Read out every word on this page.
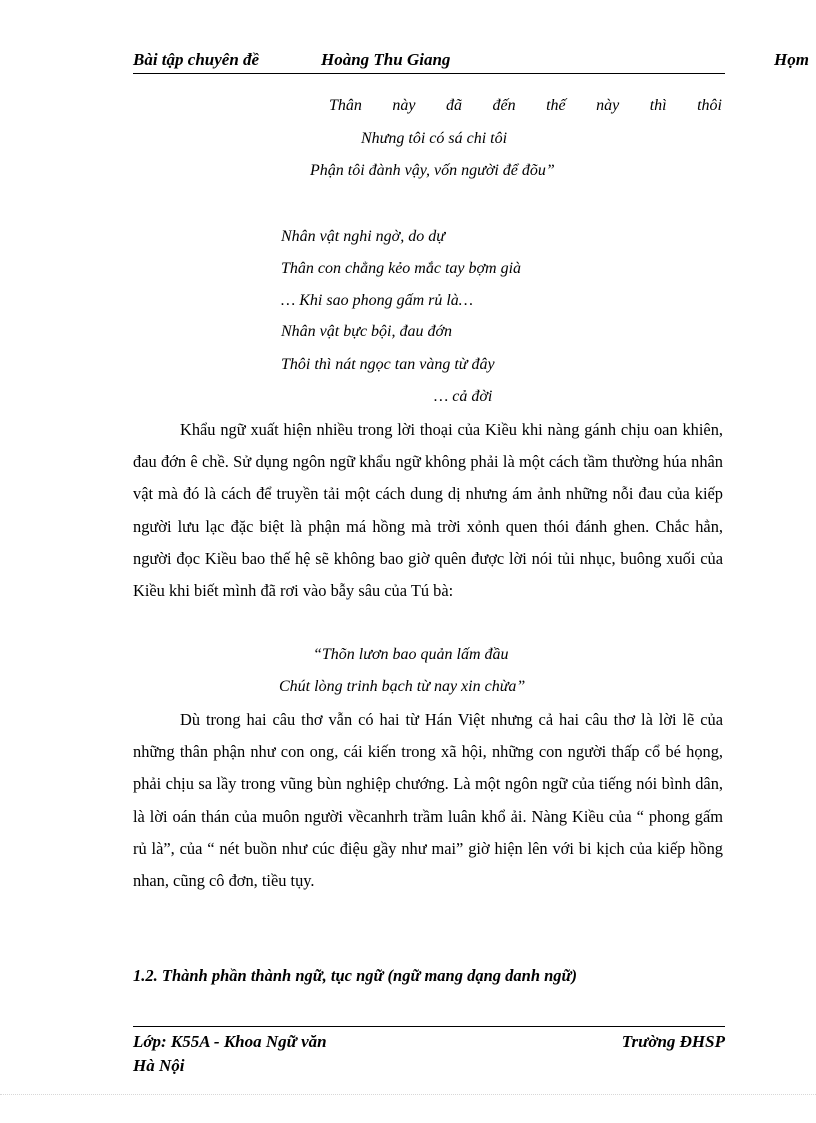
Bài tập chuyên đề	Hoàng Thu Giang	Họm
Thân này đã đến thế này thì thôi
Nhưng tôi có sá chi tôi
Phận tôi đành vậy, vốn người để đõu”
Nhân vật nghi ngờ, do dự
Thân con chẳng kẻo mắc tay bợm già
… Khi sao phong gấm rủ là…
Nhân vật bực bội, đau đớn
Thôi thì nát ngọc tan vàng từ đây
… cả đời
Khẩu ngữ xuất hiện nhiều trong lời thoại của Kiều khi nàng gánh chịu oan khiên, đau đớn ê chề. Sử dụng ngôn ngữ khẩu ngữ không phải là một cách tầm thường húa nhân vật mà đó là cách để truyền tải một cách dung dị nhưng ám ảnh những nỗi đau của kiếp người lưu lạc đặc biệt là phận má hồng mà trời xỏnh quen thói đánh ghen. Chắc hẳn, người đọc Kiều bao thế hệ sẽ không bao giờ quên được lời nói tủi nhục, buông xuối của Kiều khi biết mình đã rơi vào bẫy sâu của Tú bà:
“Thõn lươn bao quản lấm đầu
Chút lòng trinh bạch từ nay xin chừa”
Dù trong hai câu thơ vẫn có hai từ Hán Việt nhưng cả hai câu thơ là lời lẽ của những thân phận như con ong, cái kiến trong xã hội, những con người thấp cổ bé họng, phải chịu sa lầy trong vũng bùn nghiệp chướng. Là một ngôn ngữ của tiếng nói bình dân, là lời oán thán của muôn người vềcanhrh trầm luân khổ ải. Nàng Kiều của “ phong gấm rủ là”, của “ nét buồn như cúc điệu gầy như mai” giờ hiện lên với bi kịch của kiếp hồng nhan, cũng cô đơn, tiều tụy.
1.2. Thành phần thành ngữ, tục ngữ (ngữ mang dạng danh ngữ)
Lớp: K55A - Khoa Ngữ văn	Trường ĐHSP
Hà Nội
